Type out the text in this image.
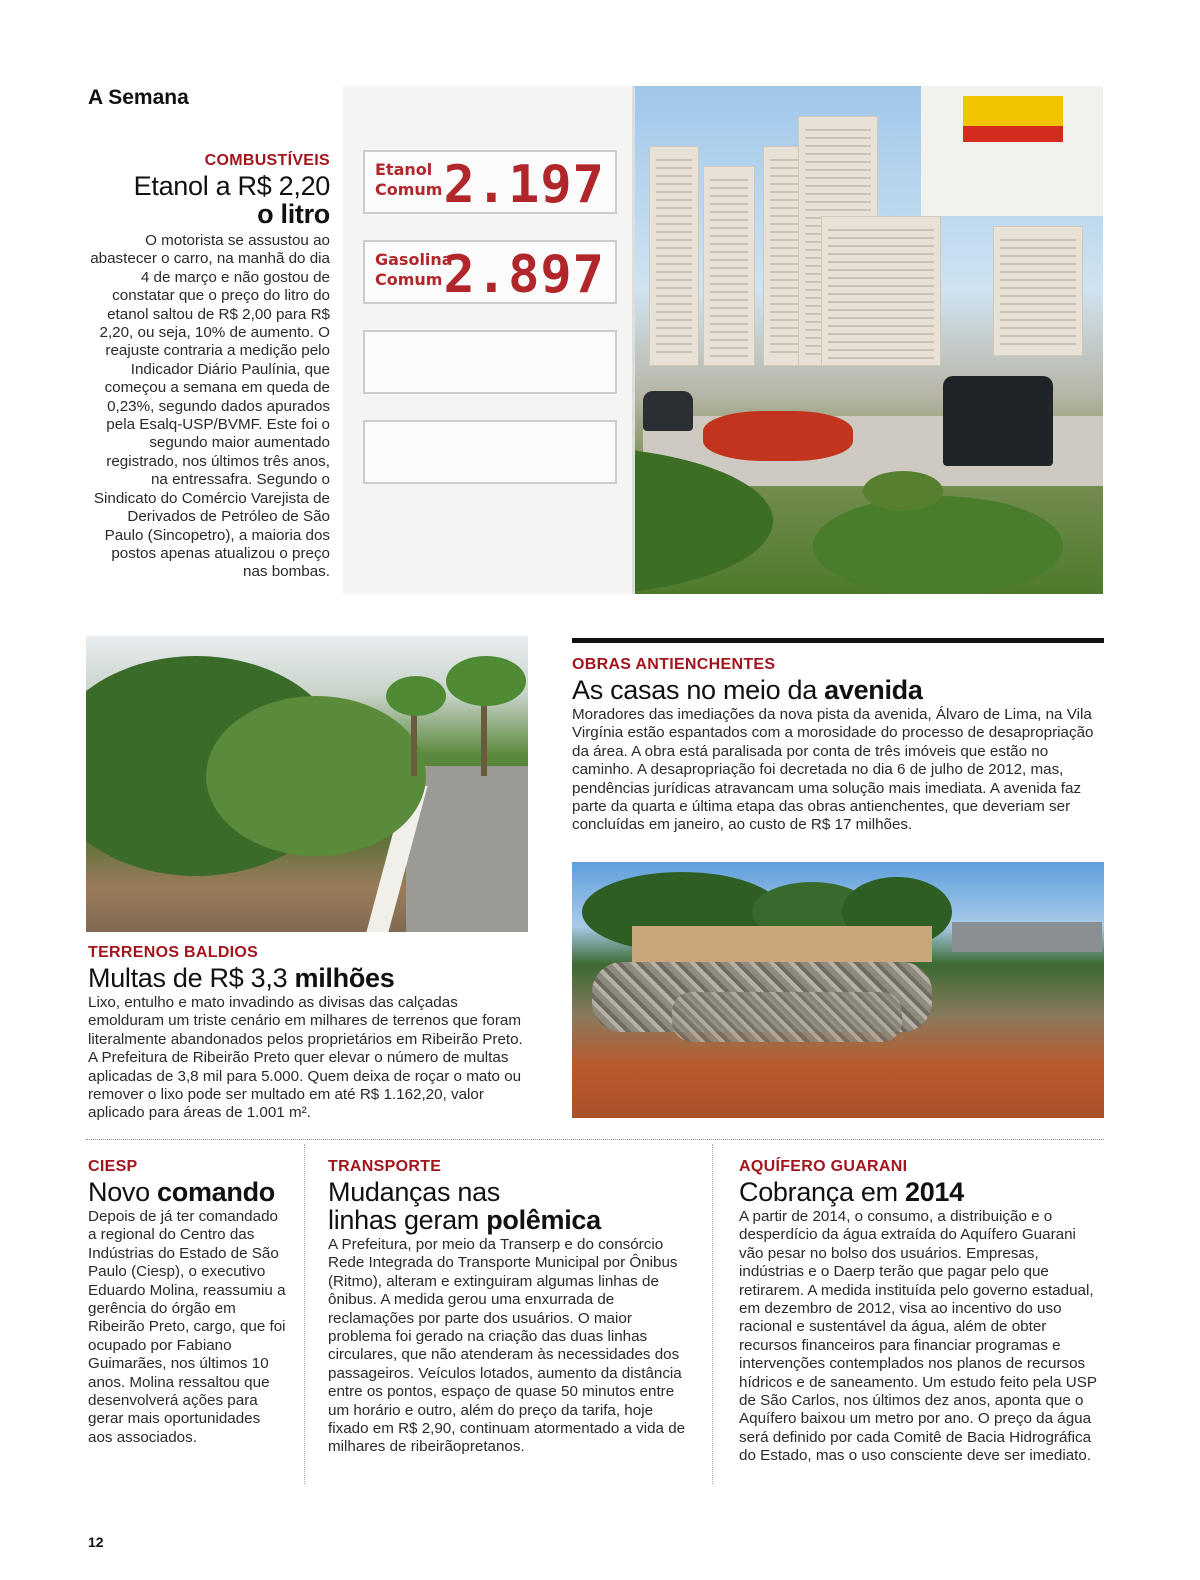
A Semana
COMBUSTÍVEIS
Etanol a R$ 2,20
o litro
O motorista se assustou ao abastecer o carro, na manhã do dia 4 de março e não gostou de constatar que o preço do litro do etanol saltou de R$ 2,00 para R$ 2,20, ou seja, 10% de aumento. O reajuste contraria a medição pelo Indicador Diário Paulínia, que começou a semana em queda de 0,23%, segundo dados apurados pela Esalq-USP/BVMF. Este foi o segundo maior aumentado registrado, nos últimos três anos, na entressafra. Segundo o Sindicato do Comércio Varejista de Derivados de Petróleo de São Paulo (Sincopetro), a maioria dos postos apenas atualizou o preço nas bombas.
Etanol
Comum 2.197
Gasolina
Comum 2.897
OBRAS ANTIENCHENTES
As casas no meio da avenida
Moradores das imediações da nova pista da avenida, Álvaro de Lima, na Vila Virgínia estão espantados com a morosidade do processo de desapropriação da área. A obra está paralisada por conta de três imóveis que estão no caminho. A desapropriação foi decretada no dia 6 de julho de 2012, mas, pendências jurídicas atravancam uma solução mais imediata. A avenida faz parte da quarta e última etapa das obras antienchentes, que deveriam ser concluídas em janeiro, ao custo de R$ 17 milhões.
TERRENOS BALDIOS
Multas de R$ 3,3 milhões
Lixo, entulho e mato invadindo as divisas das calçadas emolduram um triste cenário em milhares de terrenos que foram literalmente abandonados pelos proprietários em Ribeirão Preto. A Prefeitura de Ribeirão Preto quer elevar o número de multas aplicadas de 3,8 mil para 5.000. Quem deixa de roçar o mato ou remover o lixo pode ser multado em até R$ 1.162,20, valor aplicado para áreas de 1.001 m².
CIESP
Novo comando
Depois de já ter comandado a regional do Centro das Indústrias do Estado de São Paulo (Ciesp), o executivo Eduardo Molina, reassumiu a gerência do órgão em Ribeirão Preto, cargo, que foi ocupado por Fabiano Guimarães, nos últimos 10 anos. Molina ressaltou que desenvolverá ações para gerar mais oportunidades aos associados.
TRANSPORTE
Mudanças nas
linhas geram polêmica
A Prefeitura, por meio da Transerp e do consórcio Rede Integrada do Transporte Municipal por Ônibus (Ritmo), alteram e extinguiram algumas linhas de ônibus. A medida gerou uma enxurrada de reclamações por parte dos usuários. O maior problema foi gerado na criação das duas linhas circulares, que não atenderam às necessidades dos passageiros. Veículos lotados, aumento da distância entre os pontos, espaço de quase 50 minutos entre um horário e outro, além do preço da tarifa, hoje fixado em R$ 2,90, continuam atormentado a vida de milhares de ribeirãopretanos.
AQUÍFERO GUARANI
Cobrança em 2014
A partir de 2014, o consumo, a distribuição e o desperdício da água extraída do Aquífero Guarani vão pesar no bolso dos usuários. Empresas, indústrias e o Daerp terão que pagar pelo que retirarem. A medida instituída pelo governo estadual, em dezembro de 2012, visa ao incentivo do uso racional e sustentável da água, além de obter recursos financeiros para financiar programas e intervenções contemplados nos planos de recursos hídricos e de saneamento. Um estudo feito pela USP de São Carlos, nos últimos dez anos, aponta que o Aquífero baixou um metro por ano. O preço da água será definido por cada Comitê de Bacia Hidrográfica do Estado, mas o uso consciente deve ser imediato.
12
